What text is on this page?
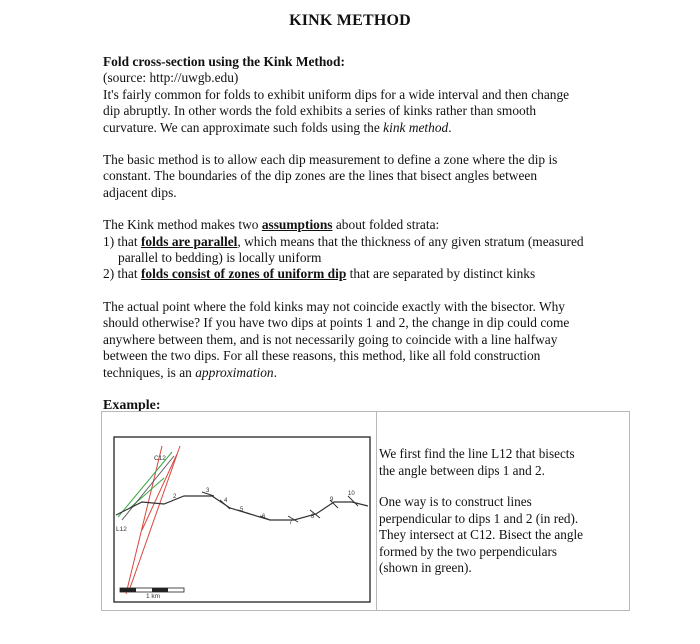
KINK METHOD
Fold cross-section using the Kink Method:
(source: http://uwgb.edu)
It's fairly common for folds to exhibit uniform dips for a wide interval and then change
dip abruptly. In other words the fold exhibits a series of kinks rather than smooth
curvature. We can approximate such folds using the kink method.
The basic method is to allow each dip measurement to define a zone where the dip is
constant. The boundaries of the dip zones are the lines that bisect angles between
adjacent dips.
The Kink method makes two assumptions about folded strata:
1) that folds are parallel, which means that the thickness of any given stratum (measured
parallel to bedding) is locally uniform
2) that folds consist of zones of uniform dip that are separated by distinct kinks
The actual point where the fold kinks may not coincide exactly with the bisector. Why
should otherwise? If you have two dips at points 1 and 2, the change in dip could come
anywhere between them, and is not necessarily going to coincide with a line halfway
between the two dips. For all these reasons, this method, like all fold construction
techniques, is an approximation.
Example:
C12
L12
2
3
4
5
6
7
8
9
10
1 km

We first find the line L12 that bisects
the angle between dips 1 and 2.

One way is to construct lines
perpendicular to dips 1 and 2 (in red).
They intersect at C12. Bisect the angle
formed by the two perpendiculars
(shown in green).
